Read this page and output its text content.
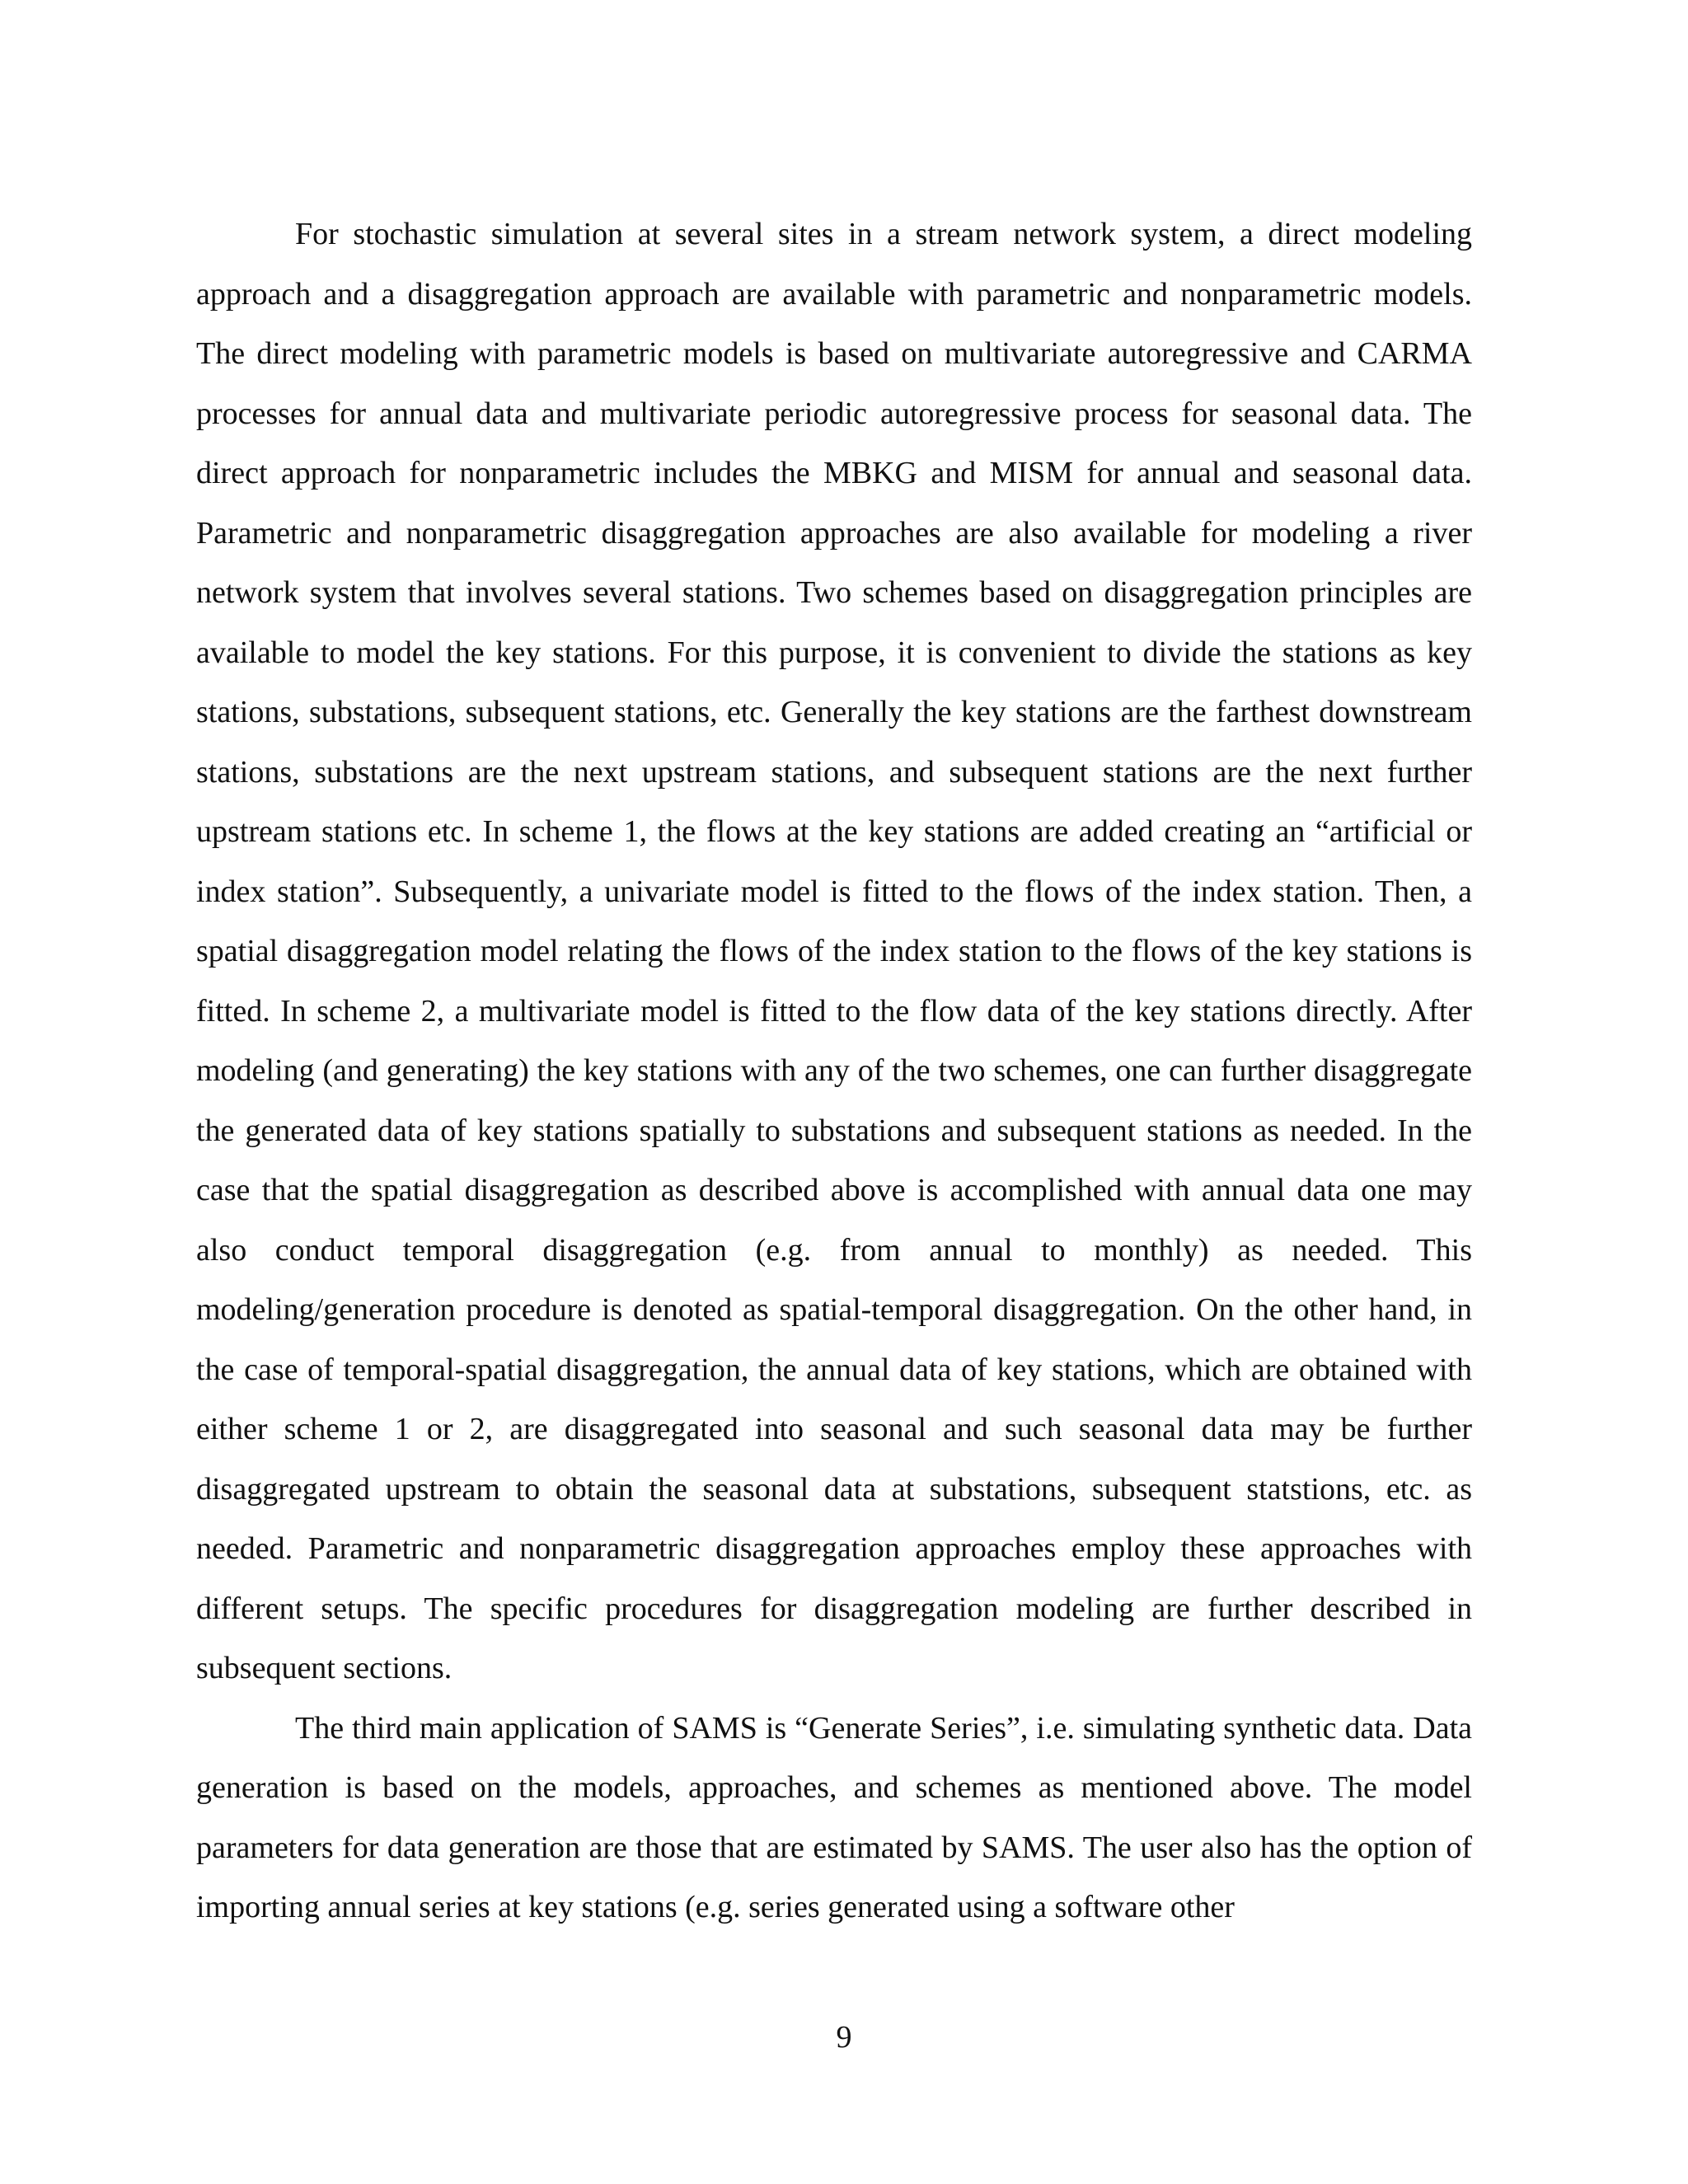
For stochastic simulation at several sites in a stream network system, a direct modeling approach and a disaggregation approach are available with parametric and nonparametric models. The direct modeling with parametric models is based on multivariate autoregressive and CARMA processes for annual data and multivariate periodic autoregressive process for seasonal data. The direct approach for nonparametric includes the MBKG and MISM for annual and seasonal data. Parametric and nonparametric disaggregation approaches are also available for modeling a river network system that involves several stations. Two schemes based on disaggregation principles are available to model the key stations. For this purpose, it is convenient to divide the stations as key stations, substations, subsequent stations, etc. Generally the key stations are the farthest downstream stations, substations are the next upstream stations, and subsequent stations are the next further upstream stations etc. In scheme 1, the flows at the key stations are added creating an “artificial or index station”. Subsequently, a univariate model is fitted to the flows of the index station. Then, a spatial disaggregation model relating the flows of the index station to the flows of the key stations is fitted. In scheme 2, a multivariate model is fitted to the flow data of the key stations directly. After modeling (and generating) the key stations with any of the two schemes, one can further disaggregate the generated data of key stations spatially to substations and subsequent stations as needed. In the case that the spatial disaggregation as described above is accomplished with annual data one may also conduct temporal disaggregation (e.g. from annual to monthly) as needed. This modeling/generation procedure is denoted as spatial-temporal disaggregation. On the other hand, in the case of temporal-spatial disaggregation, the annual data of key stations, which are obtained with either scheme 1 or 2, are disaggregated into seasonal and such seasonal data may be further disaggregated upstream to obtain the seasonal data at substations, subsequent statstions, etc. as needed. Parametric and nonparametric disaggregation approaches employ these approaches with different setups. The specific procedures for disaggregation modeling are further described in subsequent sections.

The third main application of SAMS is “Generate Series”, i.e. simulating synthetic data. Data generation is based on the models, approaches, and schemes as mentioned above. The model parameters for data generation are those that are estimated by SAMS. The user also has the option of importing annual series at key stations (e.g. series generated using a software other

9
